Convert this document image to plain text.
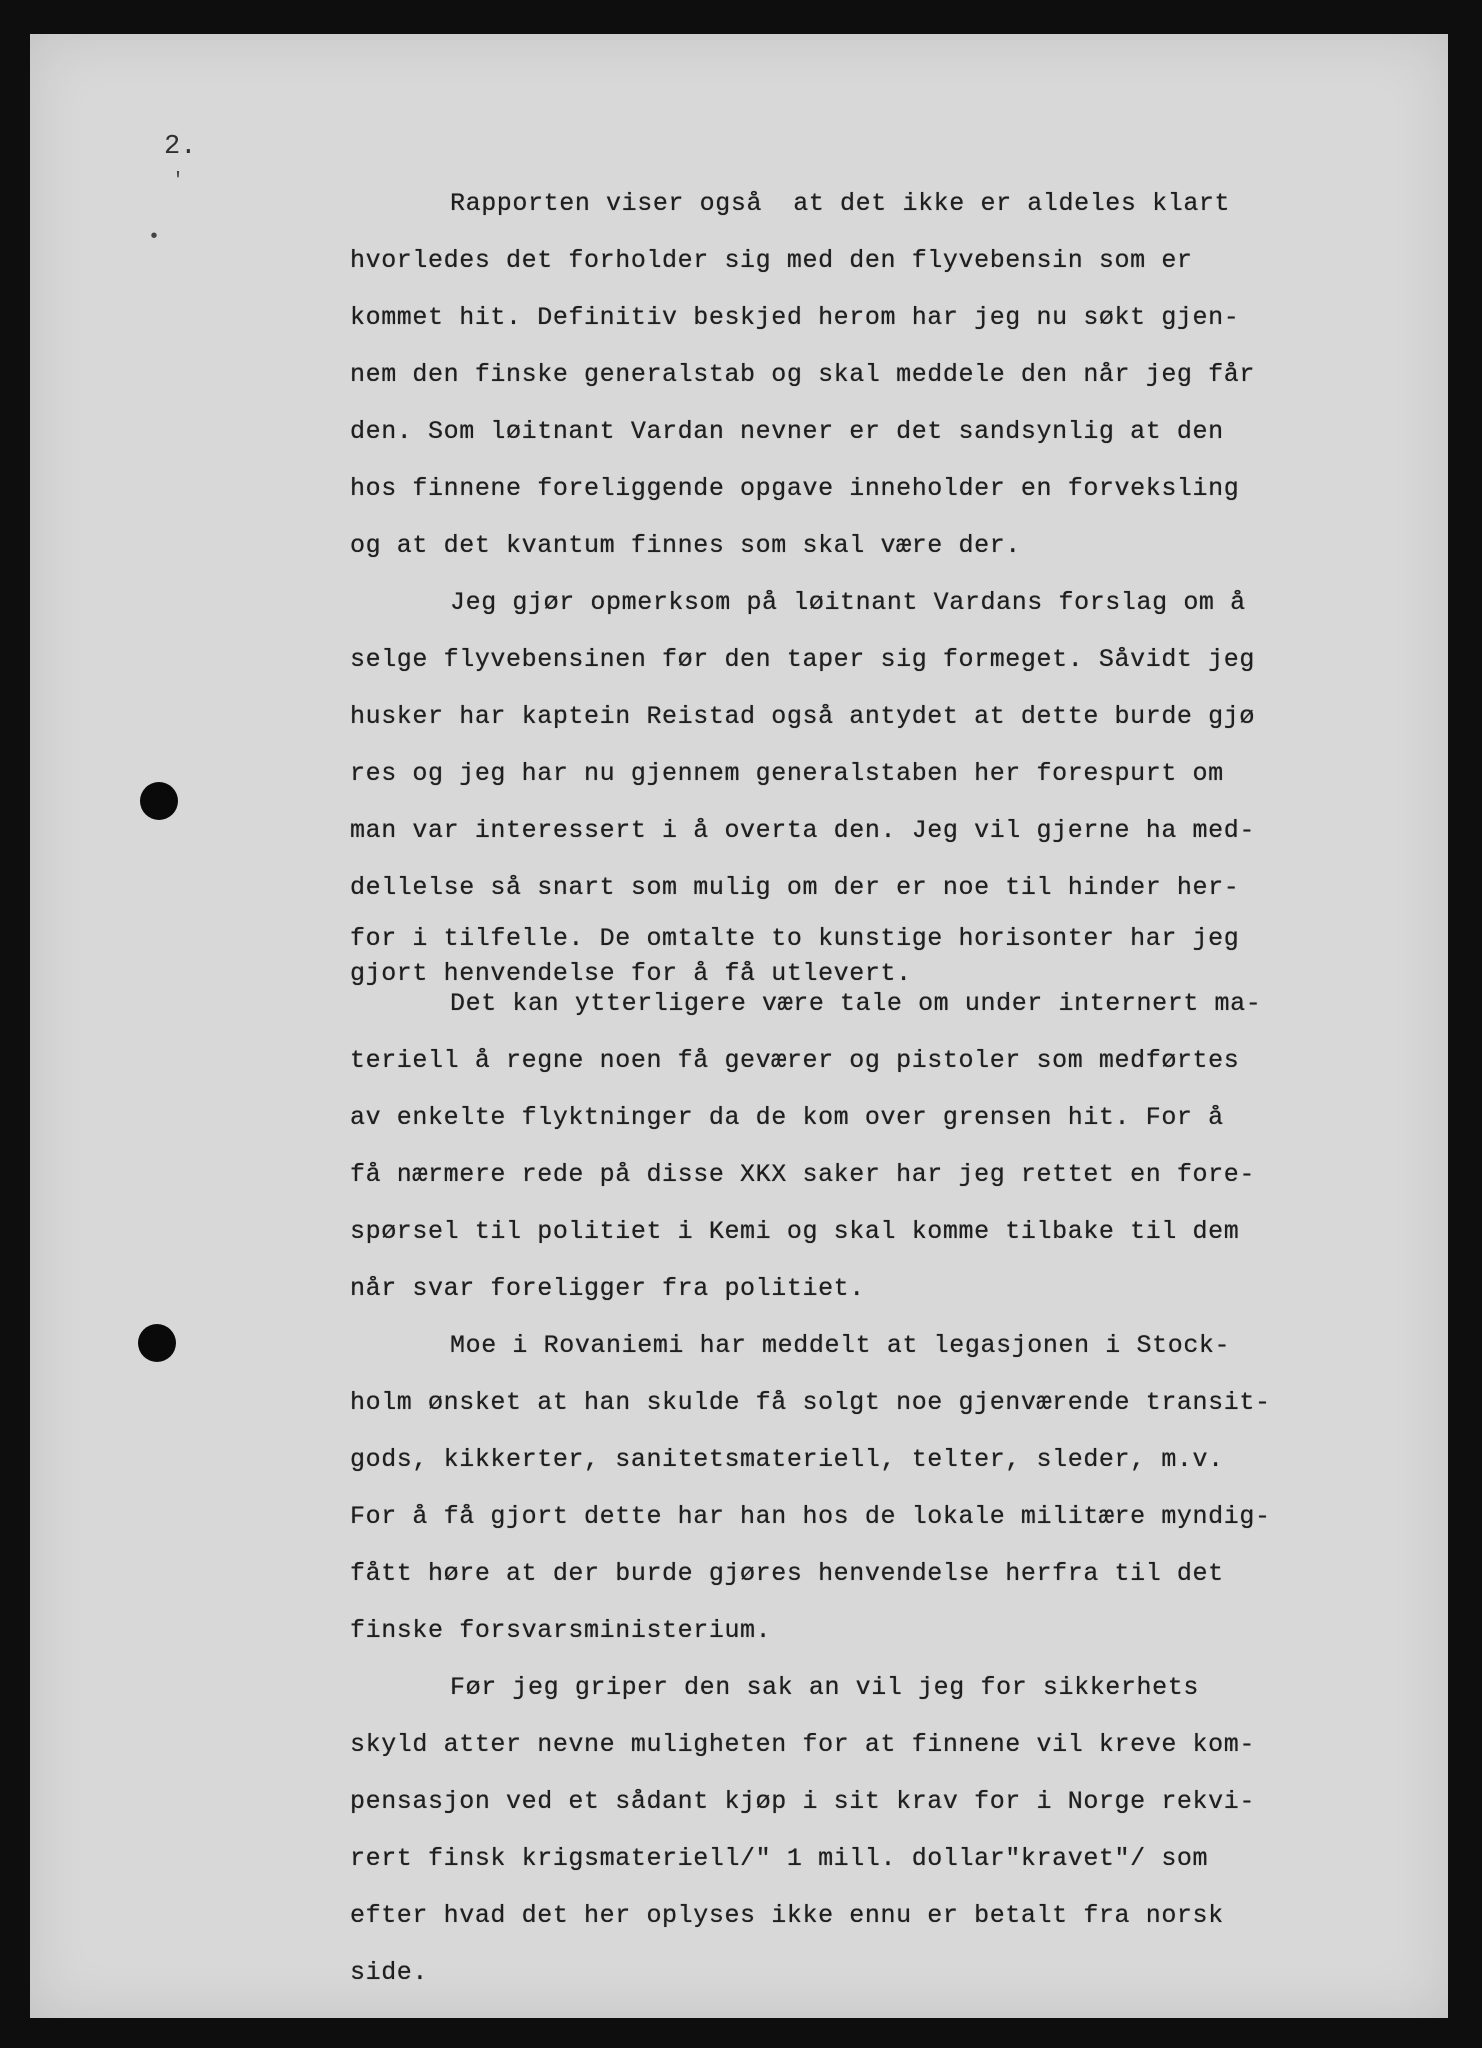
2.

'
•

Rapporten viser også  at det ikke er aldeles klart

hvorledes det forholder sig med den flyvebensin som er

kommet hit. Definitiv beskjed herom har jeg nu søkt gjen-

nem den finske generalstab og skal meddele den når jeg får

den. Som løitnant Vardan nevner er det sandsynlig at den

hos finnene foreliggende opgave inneholder en forveksling

og at det kvantum finnes som skal være der.

Jeg gjør opmerksom på løitnant Vardans forslag om å

selge flyvebensinen før den taper sig formeget. Såvidt jeg

husker har kaptein Reistad også antydet at dette burde gjø

res og jeg har nu gjennem generalstaben her forespurt om

man var interessert i å overta den. Jeg vil gjerne ha med-

dellelse så snart som mulig om der er noe til hinder her-

for i tilfelle. De omtalte to kunstige horisonter har jeg

gjort henvendelse for å få utlevert.

Det kan ytterligere være tale om under internert ma-

teriell å regne noen få geværer og pistoler som medførtes

av enkelte flyktninger da de kom over grensen hit. For å

få nærmere rede på disse XKX saker har jeg rettet en fore-

spørsel til politiet i Kemi og skal komme tilbake til dem

når svar foreligger fra politiet.

Moe i Rovaniemi har meddelt at legasjonen i Stock-

holm ønsket at han skulde få solgt noe gjenværende transit-

gods, kikkerter, sanitetsmateriell, telter, sleder, m.v.

For å få gjort dette har han hos de lokale militære myndig-

fått høre at der burde gjøres henvendelse herfra til det

finske forsvarsministerium.

Før jeg griper den sak an vil jeg for sikkerhets

skyld atter nevne muligheten for at finnene vil kreve kom-

pensasjon ved et sådant kjøp i sit krav for i Norge rekvi-

rert finsk krigsmateriell/" 1 mill. dollar"kravet"/ som

efter hvad det her oplyses ikke ennu er betalt fra norsk

side.
